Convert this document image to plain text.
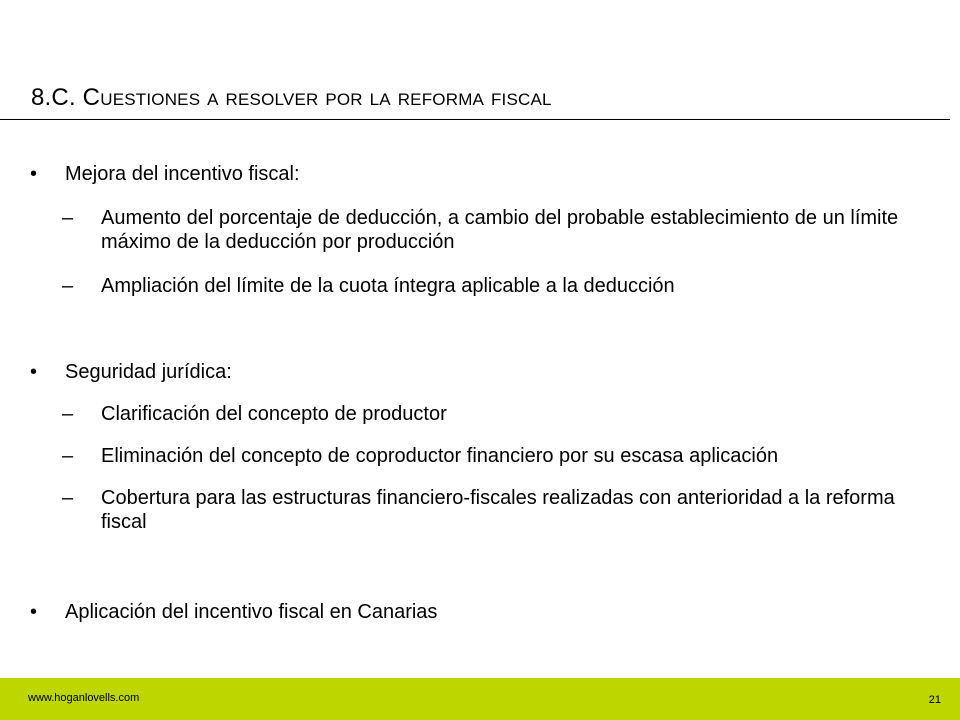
8.C. Cuestiones a resolver por la reforma fiscal
•	Mejora del incentivo fiscal:
–	Aumento del porcentaje de deducción, a cambio del probable establecimiento de un límite máximo de la deducción por producción
–	Ampliación del límite de la cuota íntegra aplicable a la deducción
•	Seguridad jurídica:
–	Clarificación del concepto de productor
–	Eliminación del concepto de coproductor financiero por su escasa aplicación
–	Cobertura para las estructuras financiero-fiscales realizadas con anterioridad a la reforma fiscal
•	Aplicación del incentivo fiscal en Canarias
www.hoganlovells.com	21
